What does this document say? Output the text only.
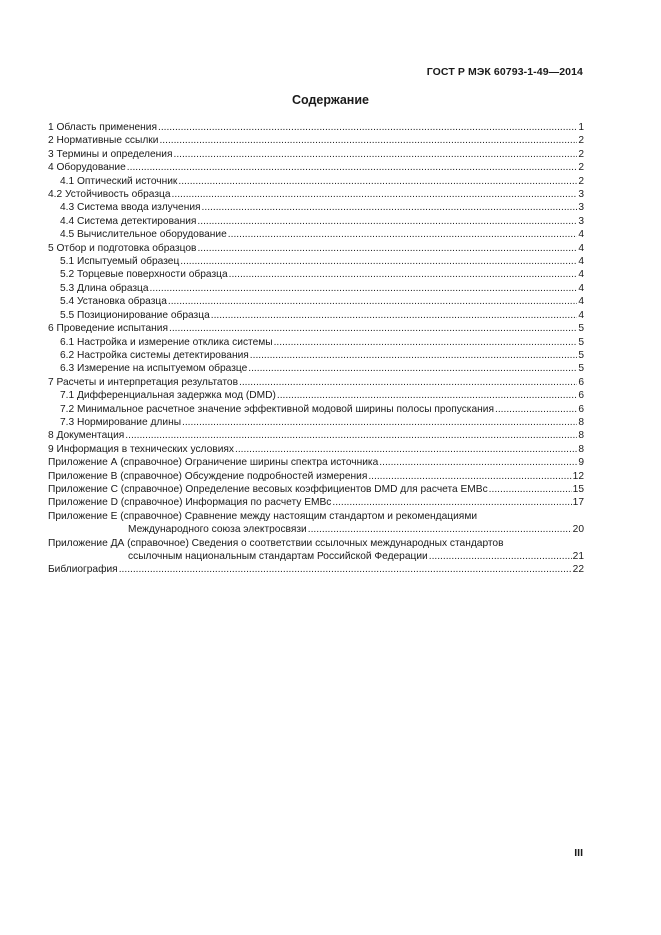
ГОСТ Р МЭК 60793-1-49—2014
Содержание
1 Область применения .....	1
2 Нормативные ссылки .....	2
3 Термины и определения .....	2
4 Оборудование .....	2
4.1 Оптический источник .....	2
4.2 Устойчивость образца .....	3
4.3 Система ввода излучения .....	3
4.4 Система детектирования .....	3
4.5 Вычислительное оборудование .....	4
5 Отбор и подготовка образцов .....	4
5.1 Испытуемый образец .....	4
5.2 Торцевые поверхности образца .....	4
5.3 Длина образца .....	4
5.4 Установка образца .....	4
5.5 Позиционирование образца .....	4
6 Проведение испытания .....	5
6.1 Настройка и измерение отклика системы .....	5
6.2 Настройка системы детектирования .....	5
6.3 Измерение на испытуемом образце .....	5
7 Расчеты и интерпретация результатов .....	6
7.1 Дифференциальная задержка мод (DMD) .....	6
7.2 Минимальное расчетное значение эффективной модовой ширины полосы пропускания .....	6
7.3 Нормирование длины .....	8
8 Документация .....	8
9 Информация в технических условиях .....	8
Приложение А (справочное) Ограничение ширины спектра источника .....	9
Приложение В (справочное) Обсуждение подробностей измерения .....	12
Приложение С (справочное) Определение весовых коэффициентов DMD для расчета EMBc .....	15
Приложение D (справочное) Информация по расчету EMBc .....	17
Приложение Е (справочное) Сравнение между настоящим стандартом и рекомендациями
Международного союза электросвязи .....	20
Приложение ДА (справочное) Сведения о соответствии ссылочных международных стандартов
ссылочным национальным стандартам Российской Федерации .....	21
Библиография .....	22
III
